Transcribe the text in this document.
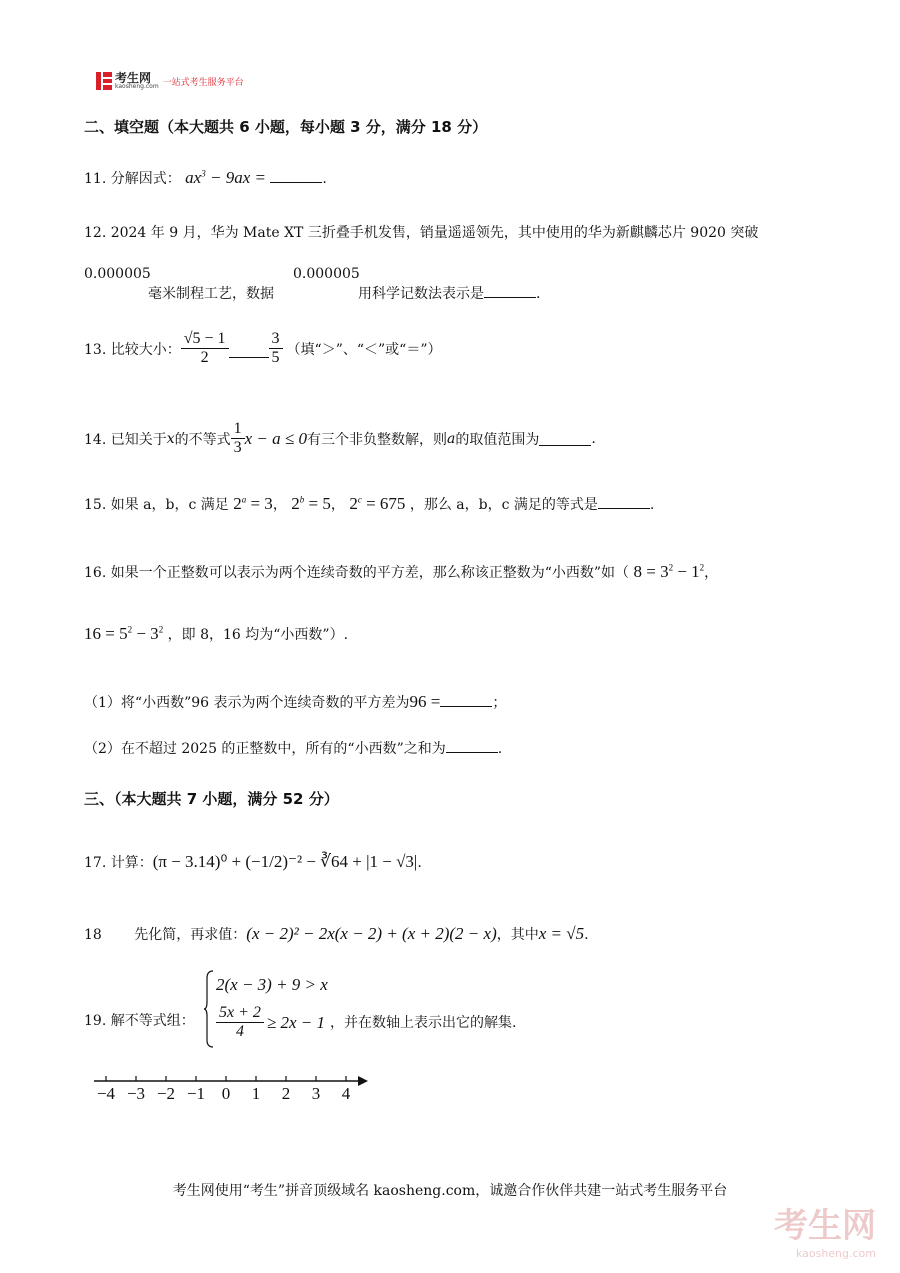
考生网
kaosheng.com 一站式考生服务平台
二、填空题（本大题共 6 小题，每小题 3 分，满分 18 分）
11. 分解因式： $ax^3 - 9ax$ =	.
12. 2024 年 9 月，华为 Mate XT 三折叠手机发售，销量遥遥领先，其中使用的华为新麒麟芯片 9020 突破
0.000005
毫米制程工艺，数据
0.000005
用科学记数法表示是	.
13. 比较大小： $\frac{√5 - 1}{2}$	$\frac{3}{5}$ （填“＞”、“＜”或“＝”）
14. 已知关于 x 的不等式 $\frac{1}{3}$ x − a ≤ 0 有三个非负整数解，则 a 的取值范围为	.
15. 如果 a，b，c 满足 $2^a = 3$， $2^b = 5$， $2^c = 675$ ，那么 a，b，c 满足的等式是	.
16. 如果一个正整数可以表示为两个连续奇数的平方差，那么称该正整数为“小西数”如（ $8 = 3^2 - 1^2$，
$16 = 5^2 - 3^2$ ，即 8，16 均为“小西数”）.
（1）将“小西数”96 表示为两个连续奇数的平方差为96 =	；
（2）在不超过 2025 的正整数中，所有的“小西数”之和为	.
三、（本大题共 7 小题，满分 52 分）
17. 计算：(π − 3.14)⁰ + (−1/2)⁻² − ∛64 + |1 − √3|.
18 先化简，再求值：(x − 2)² − 2x(x − 2) + (x + 2)(2 − x)，其中x = √5.
19. 解不等式组：
2(x − 3) + 9 > x
$\frac{5x + 2}{4} \ge 2x - 1$ ，并在数轴上表示出它的解集.
−4 −3 −2 −1 0	1	2	3	4
考生网使用“考生”拼音顶级域名 kaosheng.com，诚邀合作伙伴共建一站式考生服务平台
考生网
kaosheng.com
